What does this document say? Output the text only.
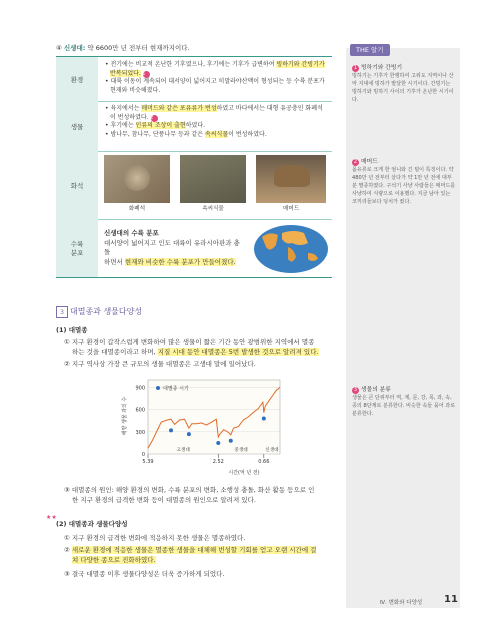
④ 신생대: 약 6600만 년 전부터 현재까지이다.
환경
• 전기에는 비교적 온난한 기후였으나, 후기에는 기후가 급변하여 빙하기와 간빙기가 반복되었다.1
• 대륙 이동이 계속되어 대서양이 넓어지고 히말라야산맥이 형성되는 등 수륙 분포가 현재와 비슷해졌다.
생물
• 육지에서는 매머드와 같은 포유류가 번성하였고 바다에서는 대형 유공충인 화폐석이 번성하였다.2
• 후기에는 인류의 조상이 출현하였다.
• 밤나무, 참나무, 단풍나무 등과 같은 속씨식물이 번성하였다.
화석
화폐석	속씨식물	매머드
수륙
분포
신생대의 수륙 분포
대서양이 넓어지고 인도 대륙이 유라시아판과 충돌
하면서 현재와 비슷한 수륙 분포가 만들어졌다.
3 대멸종과 생물다양성
(1) 대멸종
① 지구 환경이 갑작스럽게 변화하여 많은 생물이 짧은 기간 동안 광범위한 지역에서 멸종
하는 것을 대멸종이라고 하며, 지질 시대 동안 대멸종은 5번 발생한 것으로 알려져 있다.
② 지구 역사상 가장 큰 규모의 생물 대멸종은 고생대 말에 일어났다.
0
300
600
900
5.39	2.52	0.66
고생대	중생대	신생대
대멸종 시기
해양 생물 과의 수
시간(억 년 전)
③ 대멸종의 원인: 해양 환경의 변화, 수륙 분포의 변화, 소행성 충돌, 화산 활동 등으로 인
한 지구 환경의 급격한 변화 등이 대멸종의 원인으로 알려져 있다.
★★
(2) 대멸종과 생물다양성
① 지구 환경의 급격한 변화에 적응하지 못한 생물은 멸종하였다.
② 새로운 환경에 적응한 생물은 멸종한 생물을 대체해 번성할 기회를 얻고 오랜 시간에 걸
쳐 다양한 종으로 진화하였다.
③ 결국 대멸종 이후 생물다양성은 더욱 증가하게 되었다.
THE 알기
1 빙하기와 간빙기
빙하기는 기후가 한랭하여 고위도 지역이나 산악 지대에 빙하가 발달한 시기이다. 간빙기는 빙하기와 빙하기 사이의 기후가 온난한 시기이다.
2 매머드
몸유류로 크게 한 엄니와 긴 털이 특징이다. 약 480만 년 전부터 살다가 약 1만 년 전에 대부분 멸종하였다. 구석기 사냥 사람들은 매머드를 사냥하여 식량으로 이용했다. 지금 남아 있는 코끼리들보다 덩치가 컸다.
3 생물의 분류
생물은 큰 단위부터 역, 계, 문, 강, 목, 과, 속, 종의 8단계로 분류한다. 비슷한 속들 묶어 과로 분류한다.
Ⅳ. 변화와 다양성 11
